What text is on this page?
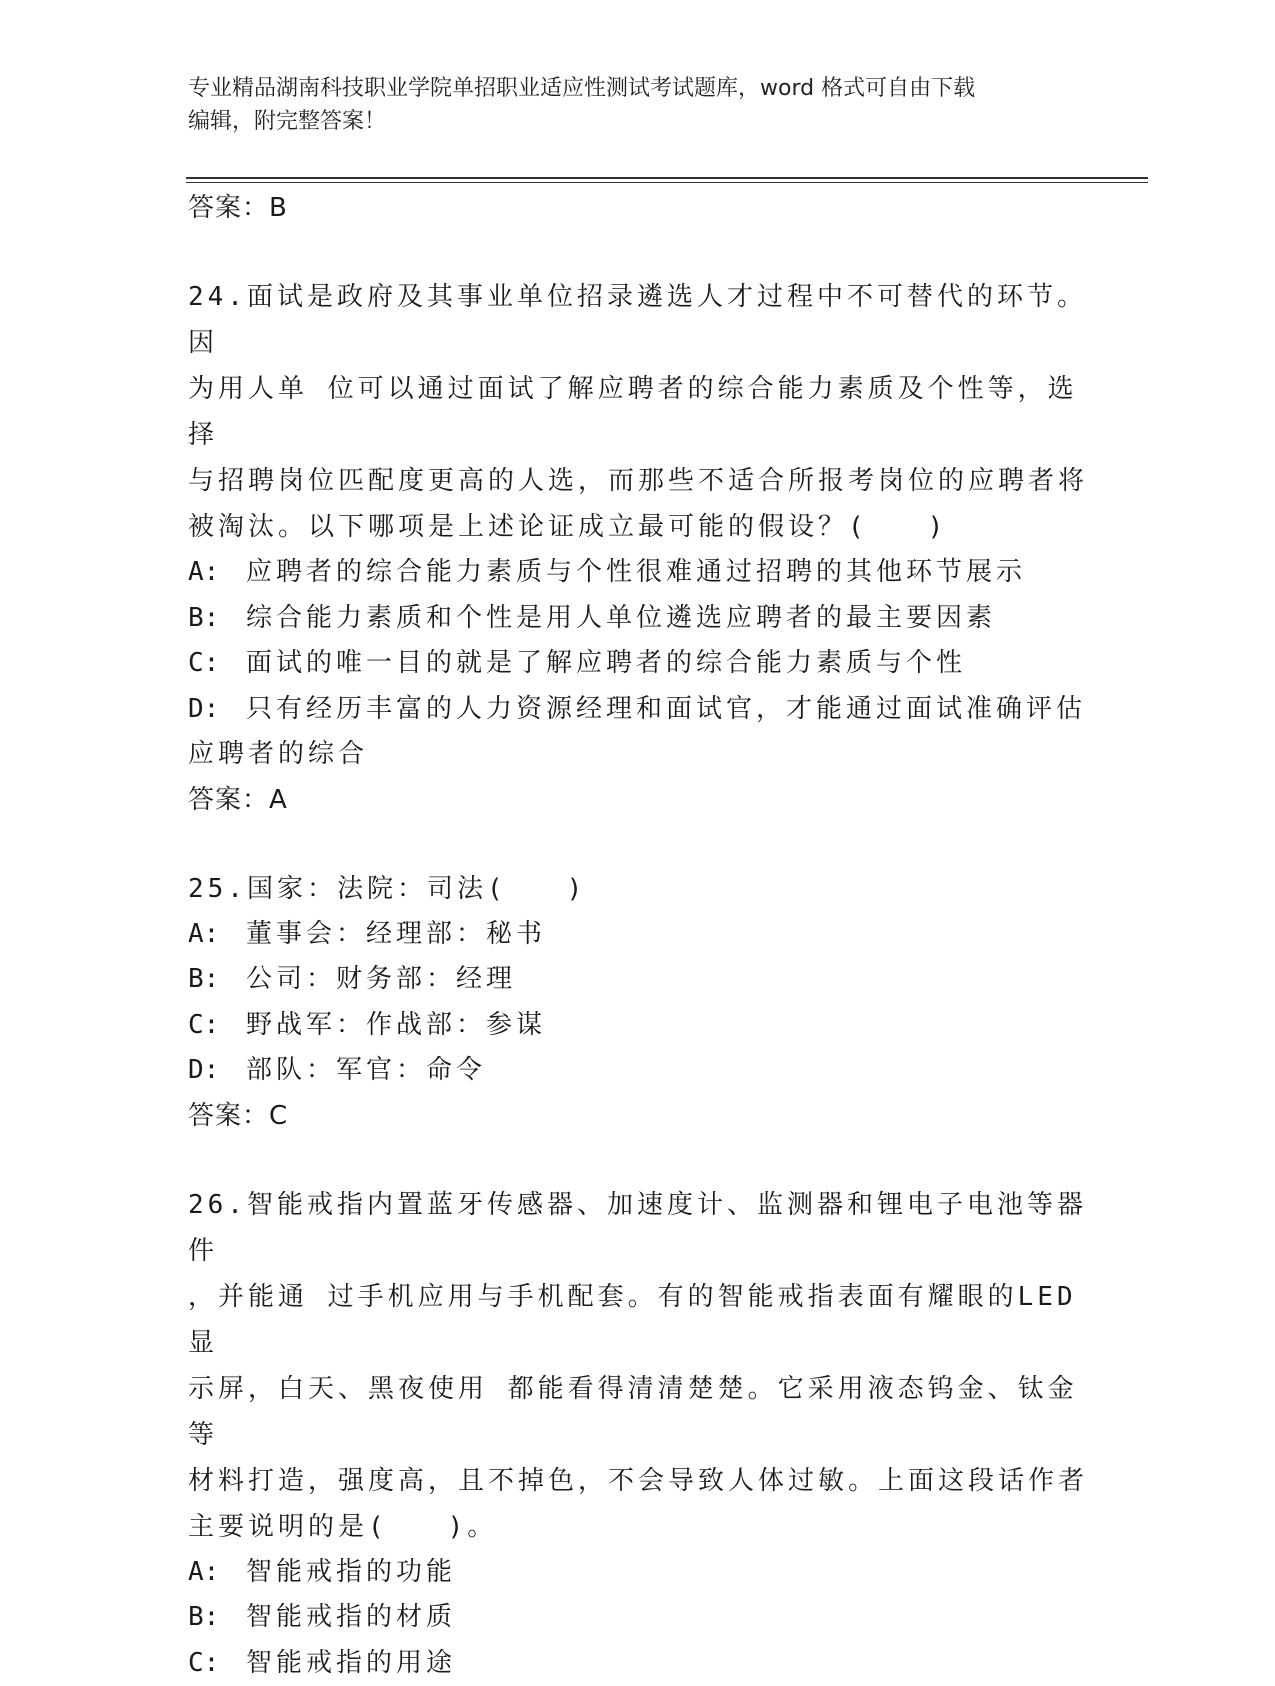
专业精品湖南科技职业学院单招职业适应性测试考试题库，word 格式可自由下载
编辑，附完整答案！
答案：B
24.面试是政府及其事业单位招录遴选人才过程中不可替代的环节。因
为用人单 位可以通过面试了解应聘者的综合能力素质及个性等，选择
与招聘岗位匹配度更高的人选，而那些不适合所报考岗位的应聘者将
被淘汰。以下哪项是上述论证成立最可能的假设？(　　)
A:	应聘者的综合能力素质与个性很难通过招聘的其他环节展示
B:	综合能力素质和个性是用人单位遴选应聘者的最主要因素
C:	面试的唯一目的就是了解应聘者的综合能力素质与个性
D:	只有经历丰富的人力资源经理和面试官，才能通过面试准确评估
应聘者的综合
答案：A
25.国家：法院：司法(　　)
A:	董事会：经理部：秘书
B:	公司：财务部：经理
C:	野战军：作战部：参谋
D:	部队：军官：命令
答案：C
26.智能戒指内置蓝牙传感器、加速度计、监测器和锂电子电池等器件
，并能通 过手机应用与手机配套。有的智能戒指表面有耀眼的LED 显
示屏，白天、黑夜使用 都能看得清清楚楚。它采用液态钨金、钛金等
材料打造，强度高，且不掉色，不会导致人体过敏。上面这段话作者
主要说明的是(　　)。
A:	智能戒指的功能
B:	智能戒指的材质
C:	智能戒指的用途
